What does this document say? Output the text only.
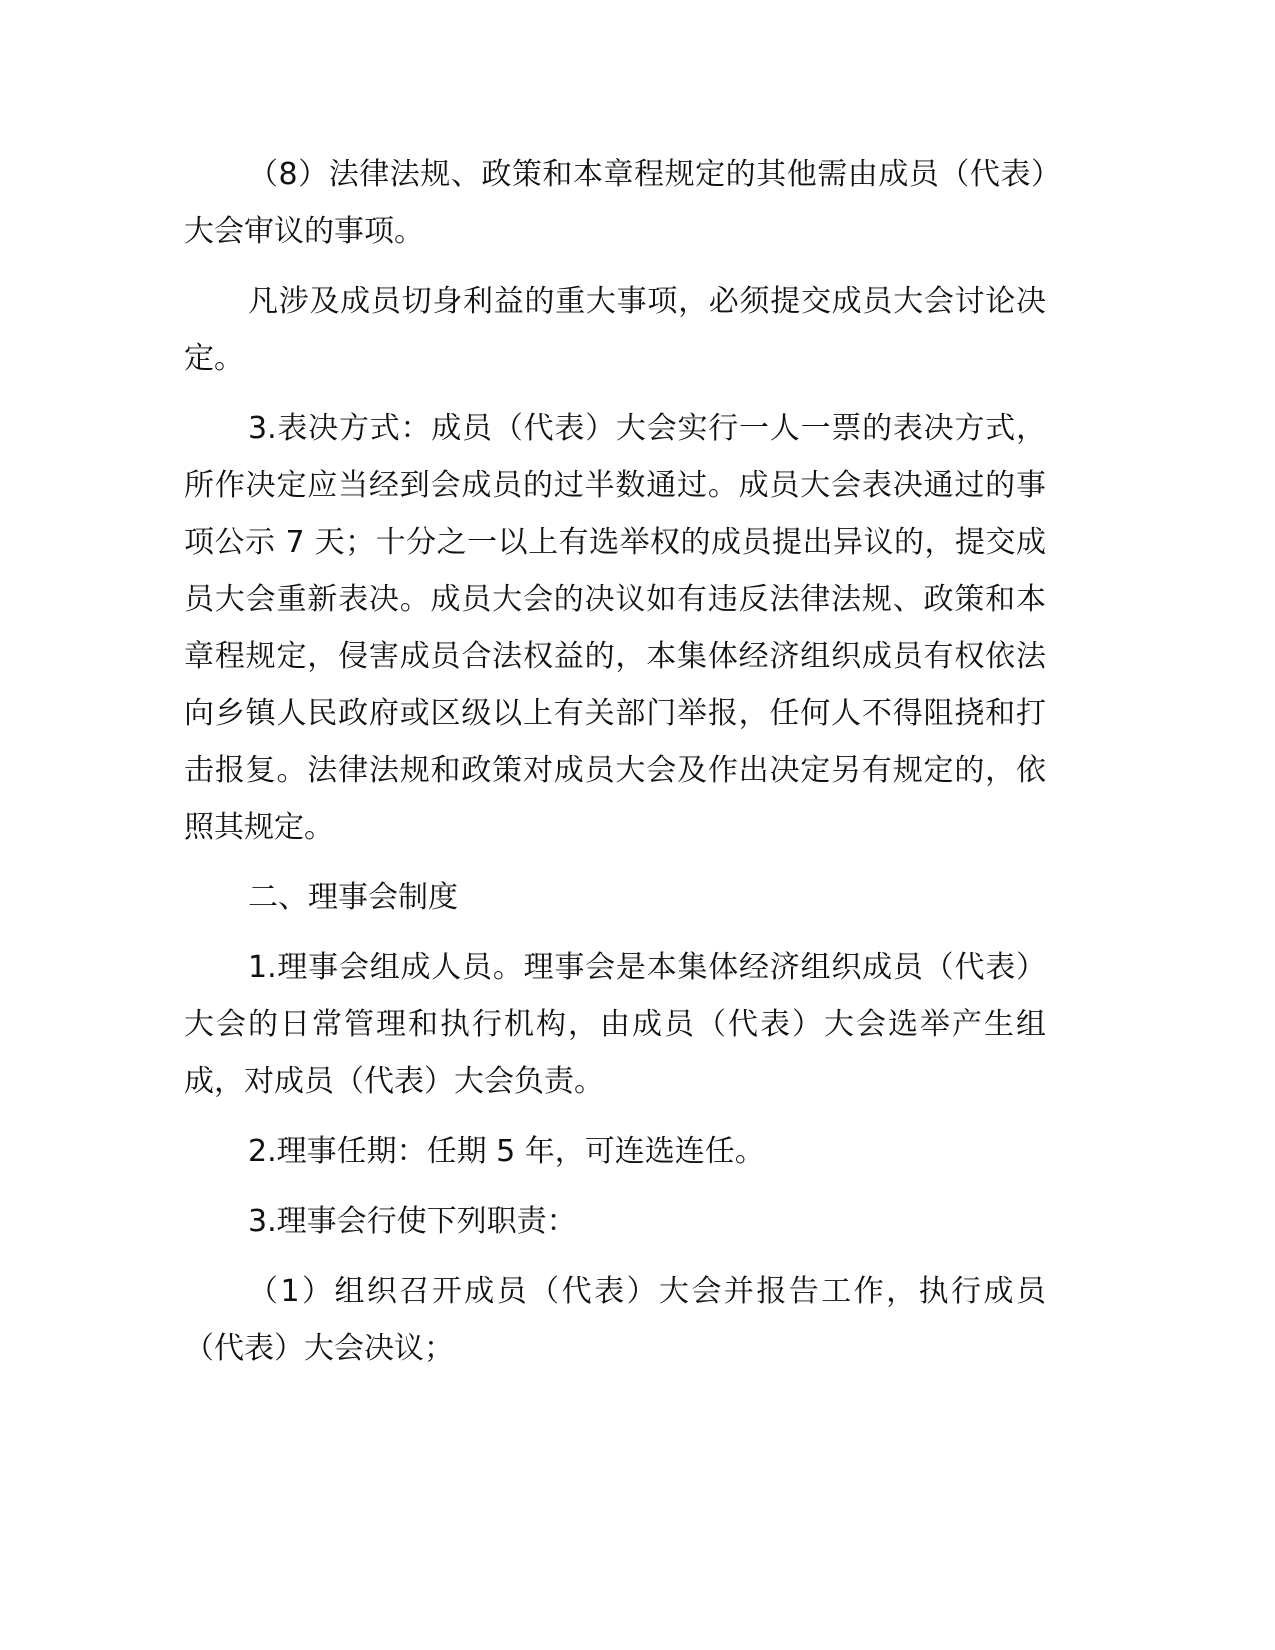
（8）法律法规、政策和本章程规定的其他需由成员（代表）大会审议的事项。

凡涉及成员切身利益的重大事项，必须提交成员大会讨论决定。

3.表决方式：成员（代表）大会实行一人一票的表决方式，所作决定应当经到会成员的过半数通过。成员大会表决通过的事项公示 7 天；十分之一以上有选举权的成员提出异议的，提交成员大会重新表决。成员大会的决议如有违反法律法规、政策和本章程规定，侵害成员合法权益的，本集体经济组织成员有权依法向乡镇人民政府或区级以上有关部门举报，任何人不得阻挠和打击报复。法律法规和政策对成员大会及作出决定另有规定的，依照其规定。

二、理事会制度

1.理事会组成人员。理事会是本集体经济组织成员（代表）大会的日常管理和执行机构，由成员（代表）大会选举产生组成，对成员（代表）大会负责。

2.理事任期：任期 5 年，可连选连任。

3.理事会行使下列职责：

（1）组织召开成员（代表）大会并报告工作，执行成员（代表）大会决议；
